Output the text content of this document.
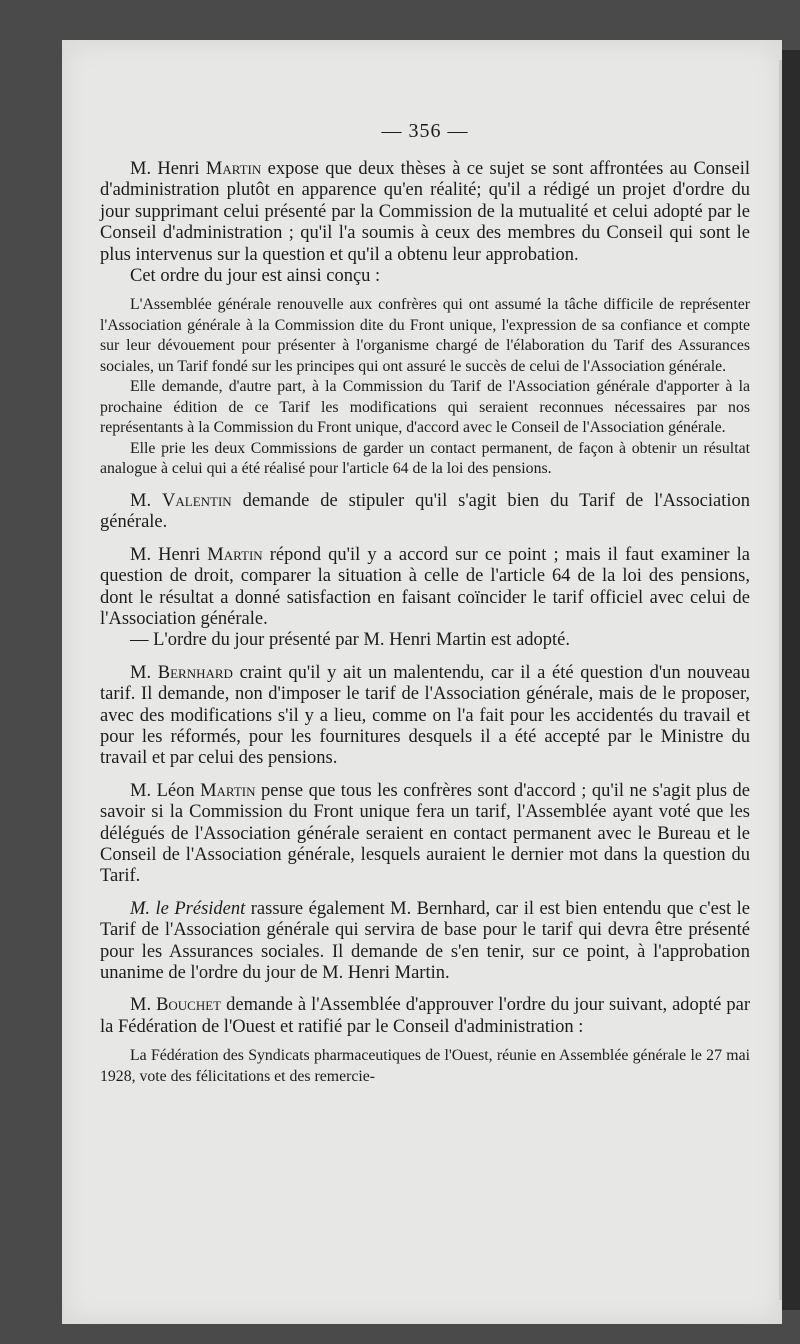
— 356 —

M. Henri Martin expose que deux thèses à ce sujet se sont affrontées au Conseil d'administration plutôt en apparence qu'en réalité; qu'il a rédigé un projet d'ordre du jour supprimant celui présenté par la Commission de la mutualité et celui adopté par le Conseil d'administration ; qu'il l'a soumis à ceux des membres du Conseil qui sont le plus intervenus sur la question et qu'il a obtenu leur approbation.

Cet ordre du jour est ainsi conçu :

L'Assemblée générale renouvelle aux confrères qui ont assumé la tâche difficile de représenter l'Association générale à la Commission dite du Front unique, l'expression de sa confiance et compte sur leur dévouement pour présenter à l'organisme chargé de l'élaboration du Tarif des Assurances sociales, un Tarif fondé sur les principes qui ont assuré le succès de celui de l'Association générale.

Elle demande, d'autre part, à la Commission du Tarif de l'Association générale d'apporter à la prochaine édition de ce Tarif les modifications qui seraient reconnues nécessaires par nos représentants à la Commission du Front unique, d'accord avec le Conseil de l'Association générale.

Elle prie les deux Commissions de garder un contact permanent, de façon à obtenir un résultat analogue à celui qui a été réalisé pour l'article 64 de la loi des pensions.

M. Valentin demande de stipuler qu'il s'agit bien du Tarif de l'Association générale.

M. Henri Martin répond qu'il y a accord sur ce point ; mais il faut examiner la question de droit, comparer la situation à celle de l'article 64 de la loi des pensions, dont le résultat a donné satisfaction en faisant coïncider le tarif officiel avec celui de l'Association générale.

— L'ordre du jour présenté par M. Henri Martin est adopté.

M. Bernhard craint qu'il y ait un malentendu, car il a été question d'un nouveau tarif. Il demande, non d'imposer le tarif de l'Association générale, mais de le proposer, avec des modifications s'il y a lieu, comme on l'a fait pour les accidentés du travail et pour les réformés, pour les fournitures desquels il a été accepté par le Ministre du travail et par celui des pensions.

M. Léon Martin pense que tous les confrères sont d'accord ; qu'il ne s'agit plus de savoir si la Commission du Front unique fera un tarif, l'Assemblée ayant voté que les délégués de l'Association générale seraient en contact permanent avec le Bureau et le Conseil de l'Association générale, lesquels auraient le dernier mot dans la question du Tarif.

M. le Président rassure également M. Bernhard, car il est bien entendu que c'est le Tarif de l'Association générale qui servira de base pour le tarif qui devra être présenté pour les Assurances sociales. Il demande de s'en tenir, sur ce point, à l'approbation unanime de l'ordre du jour de M. Henri Martin.

M. Bouchet demande à l'Assemblée d'approuver l'ordre du jour suivant, adopté par la Fédération de l'Ouest et ratifié par le Conseil d'administration :

La Fédération des Syndicats pharmaceutiques de l'Ouest, réunie en Assemblée générale le 27 mai 1928, vote des félicitations et des remercie-
